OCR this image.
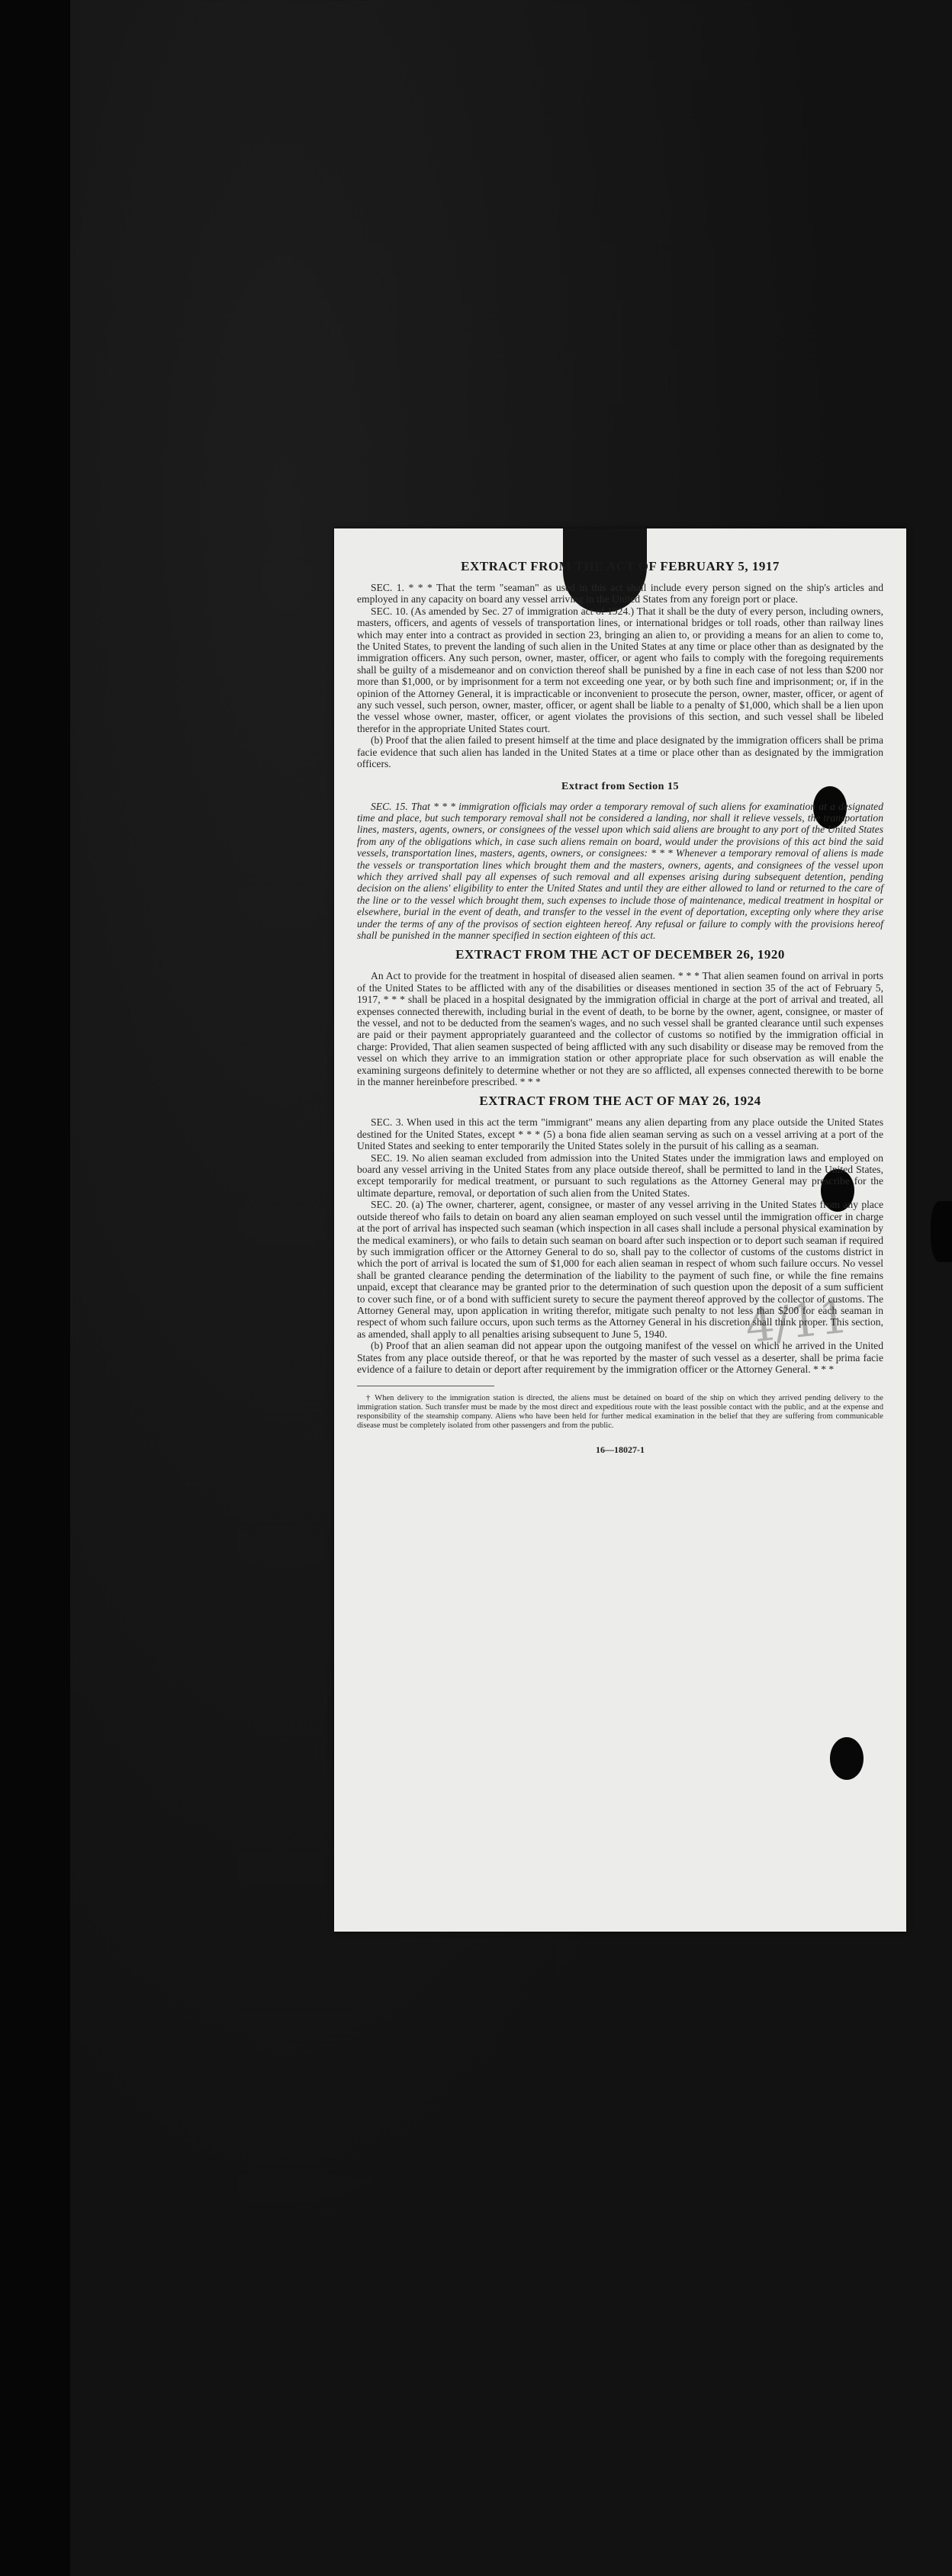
4/11
EXTRACT FROM THE ACT OF FEBRUARY 5, 1917

SEC. 1. * * * That the term "seaman" as used in this act shall include every person signed on the ship's articles and employed in any capacity on board any vessel arriving in the United States from any foreign port or place.

SEC. 10. (As amended by Sec. 27 of immigration act of 1924.) That it shall be the duty of every person, including owners, masters, officers, and agents of vessels of transportation lines, or international bridges or toll roads, other than railway lines which may enter into a contract as provided in section 23, bringing an alien to, or providing a means for an alien to come to, the United States, to prevent the landing of such alien in the United States at any time or place other than as designated by the immigration officers. Any such person, owner, master, officer, or agent who fails to comply with the foregoing requirements shall be guilty of a misdemeanor and on conviction thereof shall be punished by a fine in each case of not less than $200 nor more than $1,000, or by imprisonment for a term not exceeding one year, or by both such fine and imprisonment; or, if in the opinion of the Attorney General, it is impracticable or inconvenient to prosecute the person, owner, master, officer, or agent of any such vessel, such person, owner, master, officer, or agent shall be liable to a penalty of $1,000, which shall be a lien upon the vessel whose owner, master, officer, or agent violates the provisions of this section, and such vessel shall be libeled therefor in the appropriate United States court.

(b) Proof that the alien failed to present himself at the time and place designated by the immigration officers shall be prima facie evidence that such alien has landed in the United States at a time or place other than as designated by the immigration officers.

Extract from Section 15

SEC. 15. That * * * immigration officials may order a temporary removal of such aliens for examination at a designated time and place, but such temporary removal shall not be considered a landing, nor shall it relieve vessels, the transportation lines, masters, agents, owners, or consignees of the vessel upon which said aliens are brought to any port of the United States from any of the obligations which, in case such aliens remain on board, would under the provisions of this act bind the said vessels, transportation lines, masters, agents, owners, or consignees: * * * Whenever a temporary removal of aliens is made the vessels or transportation lines which brought them and the masters, owners, agents, and consignees of the vessel upon which they arrived shall pay all expenses of such removal and all expenses arising during subsequent detention, pending decision on the aliens' eligibility to enter the United States and until they are either allowed to land or returned to the care of the line or to the vessel which brought them, such expenses to include those of maintenance, medical treatment in hospital or elsewhere, burial in the event of death, and transfer to the vessel in the event of deportation, excepting only where they arise under the terms of any of the provisos of section eighteen hereof. Any refusal or failure to comply with the provisions hereof shall be punished in the manner specified in section eighteen of this act.

EXTRACT FROM THE ACT OF DECEMBER 26, 1920

An Act to provide for the treatment in hospital of diseased alien seamen. * * * That alien seamen found on arrival in ports of the United States to be afflicted with any of the disabilities or diseases mentioned in section 35 of the act of February 5, 1917, * * * shall be placed in a hospital designated by the immigration official in charge at the port of arrival and treated, all expenses connected therewith, including burial in the event of death, to be borne by the owner, agent, consignee, or master of the vessel, and not to be deducted from the seamen's wages, and no such vessel shall be granted clearance until such expenses are paid or their payment appropriately guaranteed and the collector of customs so notified by the immigration official in charge: Provided, That alien seamen suspected of being afflicted with any such disability or disease may be removed from the vessel on which they arrive to an immigration station or other appropriate place for such observation as will enable the examining surgeons definitely to determine whether or not they are so afflicted, all expenses connected therewith to be borne in the manner hereinbefore prescribed. * * *

EXTRACT FROM THE ACT OF MAY 26, 1924

SEC. 3. When used in this act the term "immigrant" means any alien departing from any place outside the United States destined for the United States, except * * * (5) a bona fide alien seaman serving as such on a vessel arriving at a port of the United States and seeking to enter temporarily the United States solely in the pursuit of his calling as a seaman.

SEC. 19. No alien seaman excluded from admission into the United States under the immigration laws and employed on board any vessel arriving in the United States from any place outside thereof, shall be permitted to land in the United States, except temporarily for medical treatment, or pursuant to such regulations as the Attorney General may prescribe for the ultimate departure, removal, or deportation of such alien from the United States.

SEC. 20. (a) The owner, charterer, agent, consignee, or master of any vessel arriving in the United States from any place outside thereof who fails to detain on board any alien seaman employed on such vessel until the immigration officer in charge at the port of arrival has inspected such seaman (which inspection in all cases shall include a personal physical examination by the medical examiners), or who fails to detain such seaman on board after such inspection or to deport such seaman if required by such immigration officer or the Attorney General to do so, shall pay to the collector of customs of the customs district in which the port of arrival is located the sum of $1,000 for each alien seaman in respect of whom such failure occurs. No vessel shall be granted clearance pending the determination of the liability to the payment of such fine, or while the fine remains unpaid, except that clearance may be granted prior to the determination of such question upon the deposit of a sum sufficient to cover such fine, or of a bond with sufficient surety to secure the payment thereof approved by the collector of customs. The Attorney General may, upon application in writing therefor, mitigate such penalty to not less than $200 for each seaman in respect of whom such failure occurs, upon such terms as the Attorney General in his discretion shall think proper. This section, as amended, shall apply to all penalties arising subsequent to June 5, 1940.

(b) Proof that an alien seaman did not appear upon the outgoing manifest of the vessel on which he arrived in the United States from any place outside thereof, or that he was reported by the master of such vessel as a deserter, shall be prima facie evidence of a failure to detain or deport after requirement by the immigration officer or the Attorney General. * * *

† When delivery to the immigration station is directed, the aliens must be detained on board of the ship on which they arrived pending delivery to the immigration station. Such transfer must be made by the most direct and expeditious route with the least possible contact with the public, and at the expense and responsibility of the steamship company. Aliens who have been held for further medical examination in the belief that they are suffering from communicable disease must be completely isolated from other passengers and from the public.
16—18027-1
